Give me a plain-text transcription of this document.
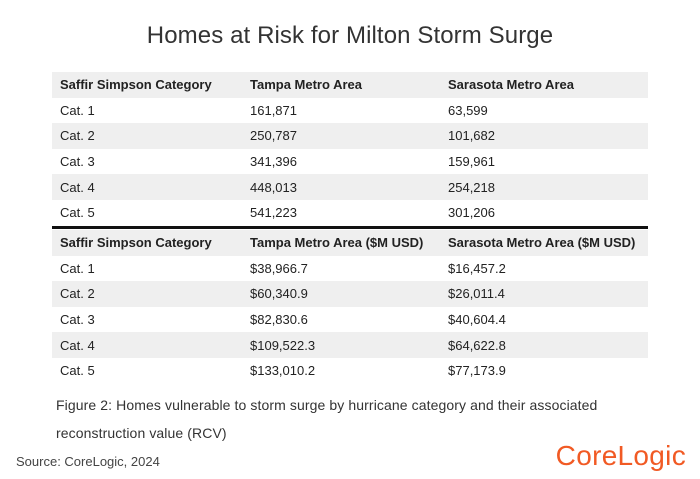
Homes at Risk for Milton Storm Surge
Saffir Simpson Category	Tampa Metro Area	Sarasota Metro Area
Cat. 1	161,871	63,599
Cat. 2	250,787	101,682
Cat. 3	341,396	159,961
Cat. 4	448,013	254,218
Cat. 5	541,223	301,206
Saffir Simpson Category	Tampa Metro Area ($M USD)	Sarasota Metro Area ($M USD)
Cat. 1	$38,966.7	$16,457.2
Cat. 2	$60,340.9	$26,011.4
Cat. 3	$82,830.6	$40,604.4
Cat. 4	$109,522.3	$64,622.8
Cat. 5	$133,010.2	$77,173.9
Figure 2: Homes vulnerable to storm surge by hurricane category and their associated reconstruction value (RCV)
Source: CoreLogic, 2024	CoreLogic
